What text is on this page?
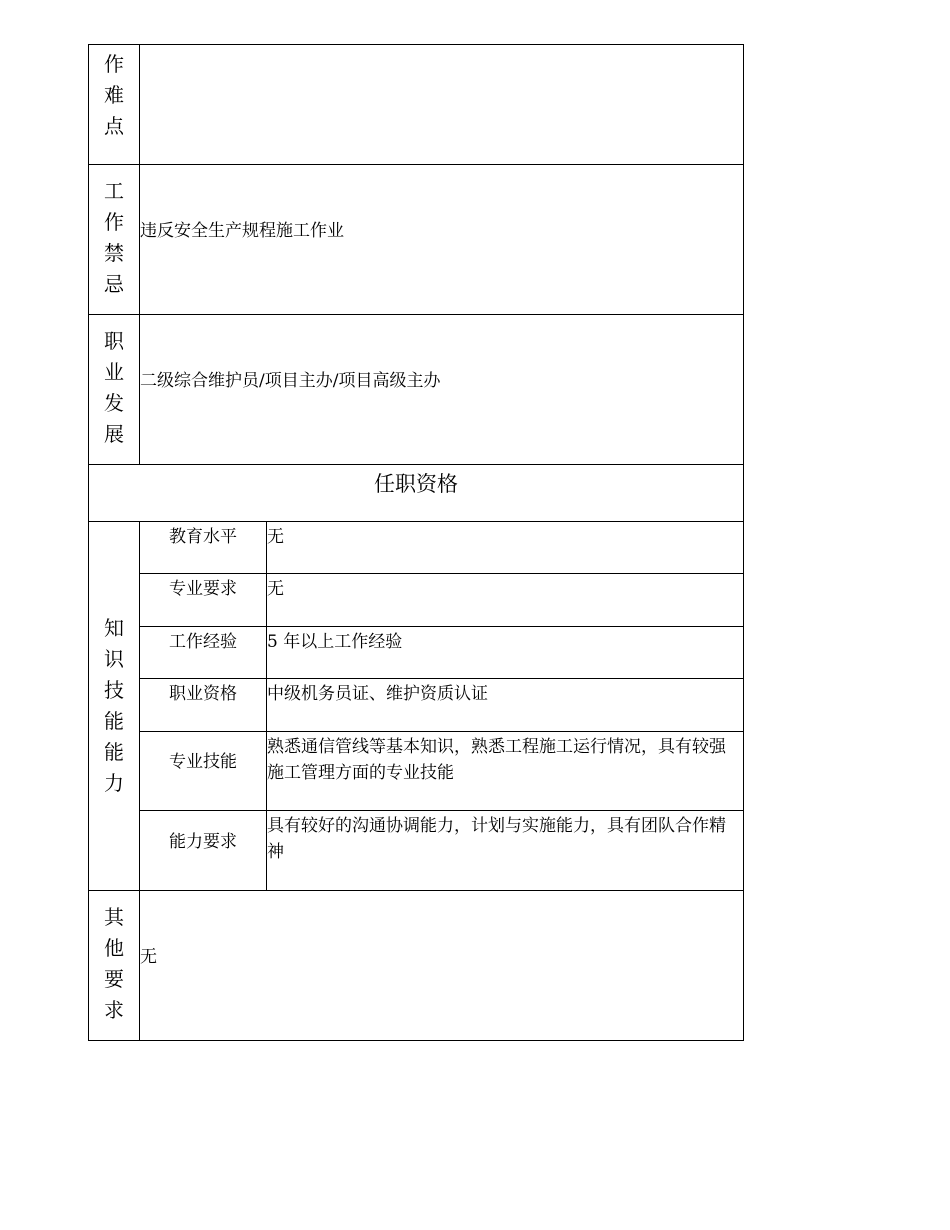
作难点		
工作禁忌	违反安全生产规程施工作业	
职业发展	二级综合维护员/项目主办/项目高级主办	
任职资格		
知识技能能力	教育水平	无
	专业要求	无
	工作经验	5 年以上工作经验
	职业资格	中级机务员证、维护资质认证
	专业技能	熟悉通信管线等基本知识，熟悉工程施工运行情况，具有较强施工管理方面的专业技能
	能力要求	具有较好的沟通协调能力，计划与实施能力，具有团队合作精神
其他要求	无	
